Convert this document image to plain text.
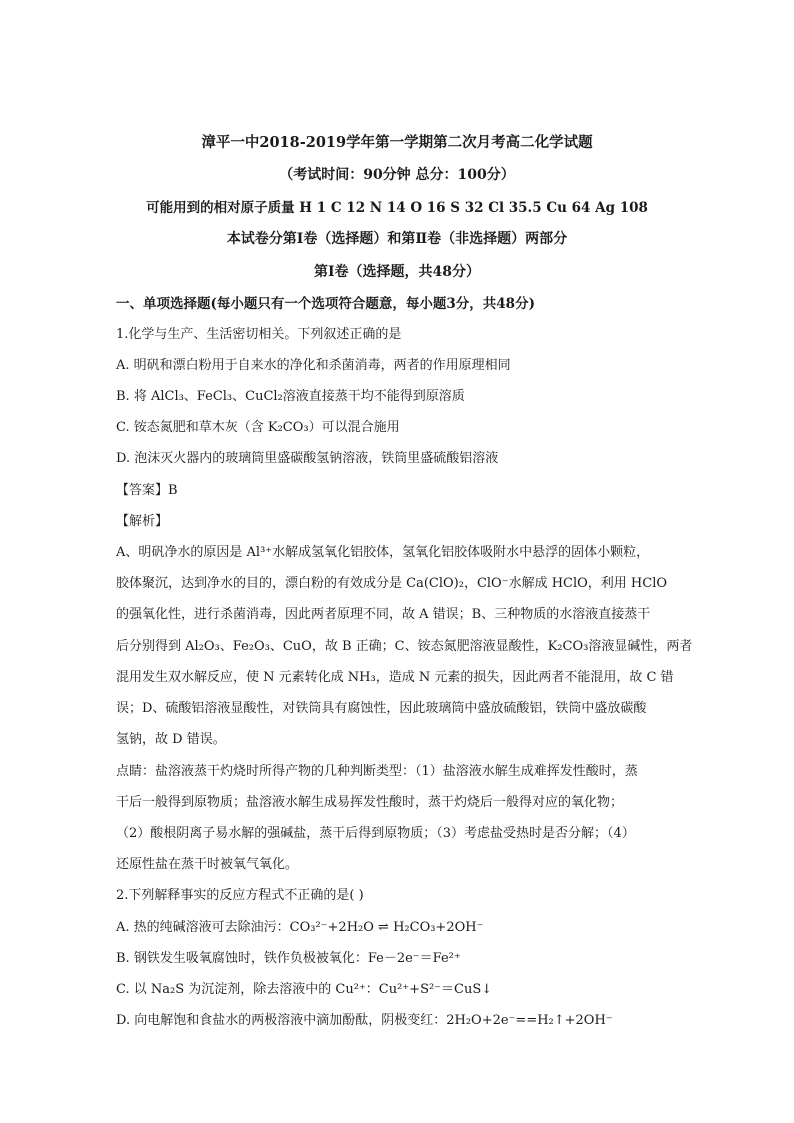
漳平一中2018-2019学年第一学期第二次月考高二化学试题
（考试时间：90分钟 总分：100分）
可能用到的相对原子质量 H 1 C 12 N 14 O 16 S 32 Cl 35.5 Cu 64 Ag 108
本试卷分第Ⅰ卷（选择题）和第Ⅱ卷（非选择题）两部分
第Ⅰ卷（选择题，共48分）
一、单项选择题(每小题只有一个选项符合题意，每小题3分，共48分)
1.化学与生产、生活密切相关。下列叙述正确的是
A. 明矾和漂白粉用于自来水的净化和杀菌消毒，两者的作用原理相同
B. 将 AlCl₃、FeCl₃、CuCl₂溶液直接蒸干均不能得到原溶质
C. 铵态氮肥和草木灰（含 K₂CO₃）可以混合施用
D. 泡沫灭火器内的玻璃筒里盛碳酸氢钠溶液，铁筒里盛硫酸铝溶液
【答案】B
【解析】
A、明矾净水的原因是 Al³⁺水解成氢氧化铝胶体，氢氧化铝胶体吸附水中悬浮的固体小颗粒，
胶体聚沉，达到净水的目的，漂白粉的有效成分是 Ca(ClO)₂，ClO⁻水解成 HClO，利用 HClO
的强氧化性，进行杀菌消毒，因此两者原理不同，故 A 错误；B、三种物质的水溶液直接蒸干
后分别得到 Al₂O₃、Fe₂O₃、CuO，故 B 正确；C、铵态氮肥溶液显酸性，K₂CO₃溶液显碱性，两者
混用发生双水解反应，使 N 元素转化成 NH₃，造成 N 元素的损失，因此两者不能混用，故 C 错
误；D、硫酸铝溶液显酸性，对铁筒具有腐蚀性，因此玻璃筒中盛放硫酸铝，铁筒中盛放碳酸
氢钠，故 D 错误。
点睛：盐溶液蒸干灼烧时所得产物的几种判断类型：（1）盐溶液水解生成难挥发性酸时，蒸
干后一般得到原物质；盐溶液水解生成易挥发性酸时，蒸干灼烧后一般得对应的氧化物；
（2）酸根阴离子易水解的强碱盐，蒸干后得到原物质；（3）考虑盐受热时是否分解；（4）
还原性盐在蒸干时被氧气氧化。
2.下列解释事实的反应方程式不正确的是( )
A. 热的纯碱溶液可去除油污：CO₃²⁻+2H₂O ⇌ H₂CO₃+2OH⁻
B. 钢铁发生吸氧腐蚀时，铁作负极被氧化：Fe－2e⁻＝Fe²⁺
C. 以 Na₂S 为沉淀剂，除去溶液中的 Cu²⁺：Cu²⁺+S²⁻＝CuS↓
D. 向电解饱和食盐水的两极溶液中滴加酚酞，阴极变红：2H₂O+2e⁻==H₂↑+2OH⁻
